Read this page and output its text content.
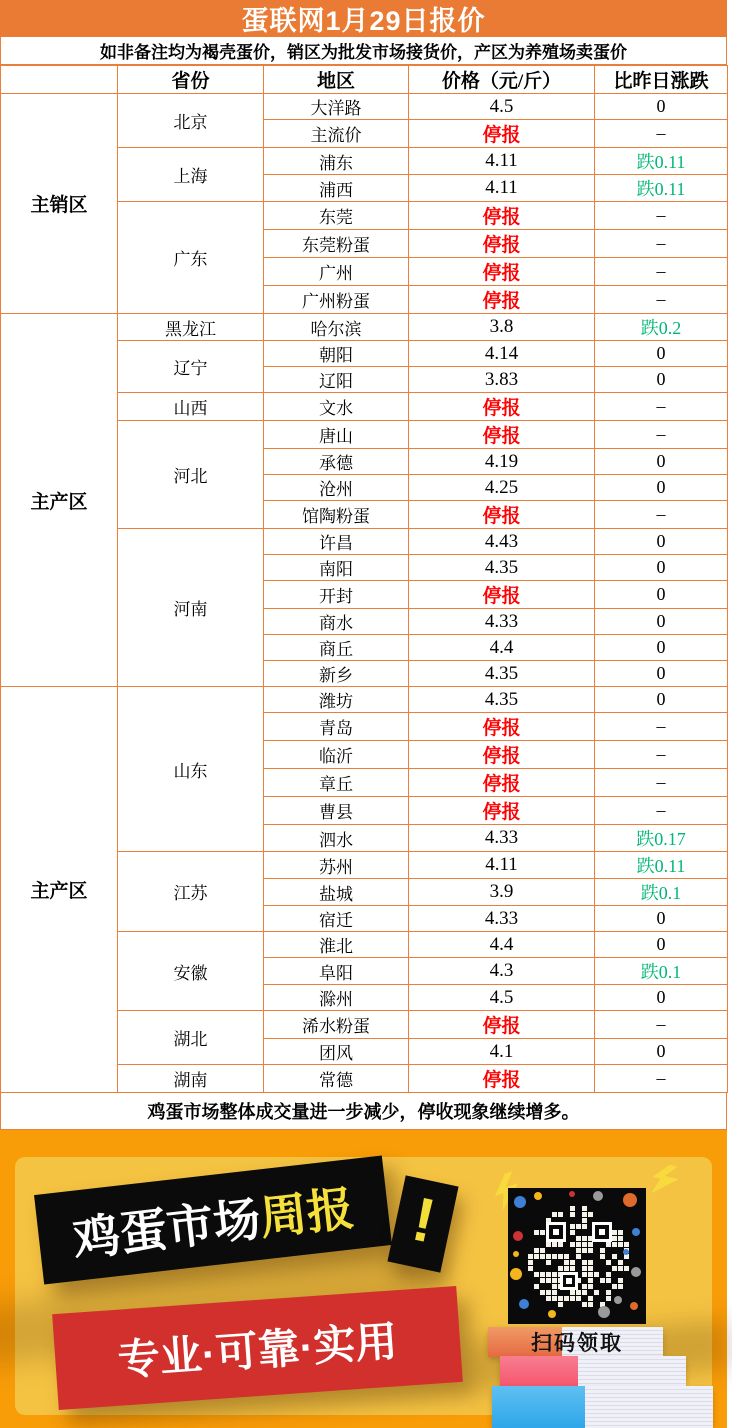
蛋联网1月29日报价
如非备注均为褐壳蛋价，销区为批发市场接货价，产区为养殖场卖蛋价
	省份	地区	价格（元/斤）	比昨日涨跌
主销区	北京	大洋路	4.5	0
		主流价	停报	–
	上海	浦东	4.11	跌0.11
		浦西	4.11	跌0.11
	广东	东莞	停报	–
		东莞粉蛋	停报	–
		广州	停报	–
		广州粉蛋	停报	–
主产区	黑龙江	哈尔滨	3.8	跌0.2
	辽宁	朝阳	4.14	0
		辽阳	3.83	0
	山西	文水	停报	–
	河北	唐山	停报	–
		承德	4.19	0
		沧州	4.25	0
		馆陶粉蛋	停报	–
	河南	许昌	4.43	0
		南阳	4.35	0
		开封	停报	0
		商水	4.33	0
		商丘	4.4	0
		新乡	4.35	0
主产区	山东	潍坊	4.35	0
		青岛	停报	–
		临沂	停报	–
		章丘	停报	–
		曹县	停报	–
		泗水	4.33	跌0.17
	江苏	苏州	4.11	跌0.11
		盐城	3.9	跌0.1
		宿迁	4.33	0
	安徽	淮北	4.4	0
		阜阳	4.3	跌0.1
		滁州	4.5	0
	湖北	浠水粉蛋	停报	–
		团风	4.1	0
	湖南	常德	停报	–
鸡蛋市场整体成交量进一步减少，停收现象继续增多。
鸡蛋市场周报 !
专业·可靠·实用	扫码领取
